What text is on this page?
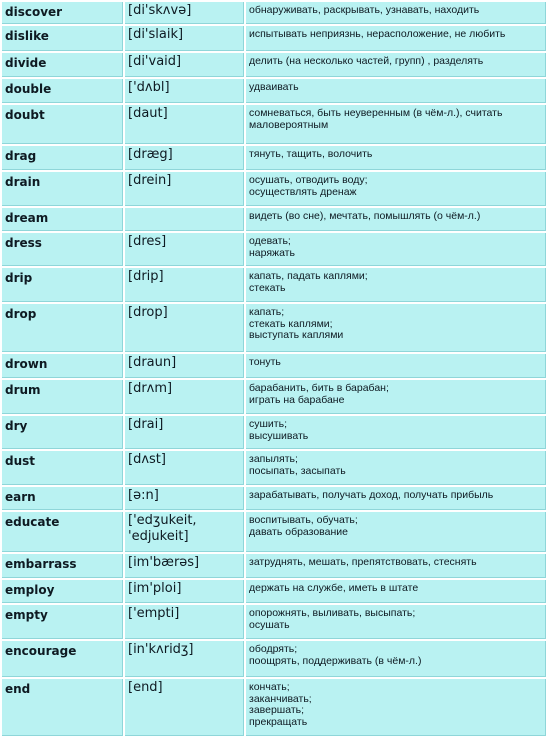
discover	[di'skʌvə]	обнаруживать, раскрывать, узнавать, находить
dislike	[di'slaik]	испытывать неприязнь, нерасположение, не любить
divide	[di'vaid]	делить (на несколько частей, групп) , разделять
double	['dʌbl]	удваивать
doubt	[daut]	сомневаться, быть неуверенным (в чём-л.), считать маловероятным
drag	[dræg]	тянуть, тащить, волочить
drain	[drein]	осушать, отводить воду;
осуществлять дренаж
dream		видеть (во сне), мечтать, помышлять (о чём-л.)
dress	[dres]	одевать;
наряжать
drip	[drip]	капать, падать каплями;
стекать
drop	[drop]	капать;
стекать каплями;
выступать каплями
drown	[draun]	тонуть
drum	[drʌm]	барабанить, бить в барабан;
играть на барабане
dry	[drai]	сушить;
высушивать
dust	[dʌst]	запылять;
посыпать, засыпать
earn	[ə:n]	зарабатывать, получать доход, получать прибыль
educate	['edʒukeit,
'edjukeit]	воспитывать, обучать;
давать образование
embarrass	[im'bærəs]	затруднять, мешать, препятствовать, стеснять
employ	[im'ploi]	держать на службе, иметь в штате
empty	['empti]	опорожнять, выливать, высыпать;
осушать
encourage	[in'kʌridʒ]	ободрять;
поощрять, поддерживать (в чём-л.)
end	[end]	кончать;
заканчивать;
завершать;
прекращать
